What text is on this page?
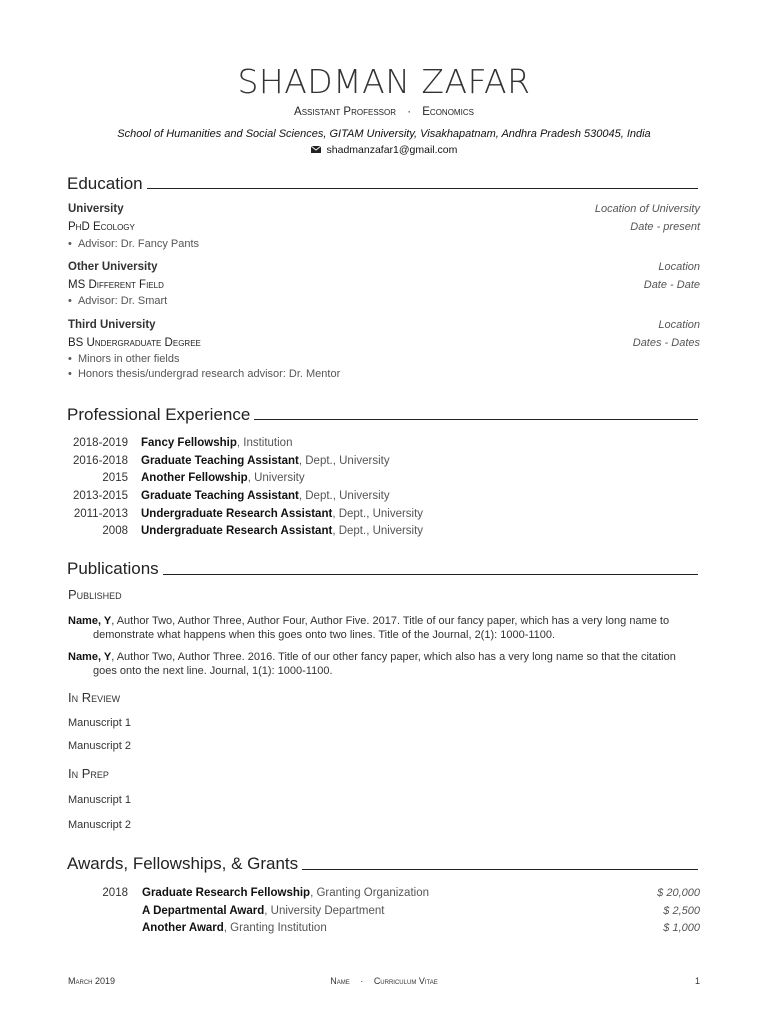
SHADMAN ZAFAR
Assistant Professor · Economics
School of Humanities and Social Sciences, GITAM University, Visakhapatnam, Andhra Pradesh 530045, India
shadmanzafar1@gmail.com
Education
University	Location of University
PhD Ecology	Date - present
•  Advisor: Dr. Fancy Pants
Other University	Location
MS Different Field	Date - Date
•  Advisor: Dr. Smart
Third University	Location
BS Undergraduate Degree	Dates - Dates
•  Minors in other fields
•  Honors thesis/undergrad research advisor: Dr. Mentor
Professional Experience
2018-2019 Fancy Fellowship, Institution
2016-2018 Graduate Teaching Assistant, Dept., University
2015 Another Fellowship, University
2013-2015 Graduate Teaching Assistant, Dept., University
2011-2013 Undergraduate Research Assistant, Dept., University
2008 Undergraduate Research Assistant, Dept., University
Publications
Published
Name, Y, Author Two, Author Three, Author Four, Author Five. 2017. Title of our fancy paper, which has a very long name to demonstrate what happens when this goes onto two lines. Title of the Journal, 2(1): 1000-1100.
Name, Y, Author Two, Author Three. 2016. Title of our other fancy paper, which also has a very long name so that the citation goes onto the next line. Journal, 1(1): 1000-1100.
In Review
Manuscript 1
Manuscript 2
In Prep
Manuscript 1
Manuscript 2
Awards, Fellowships, & Grants
2018 Graduate Research Fellowship, Granting Organization	$ 20,000
A Departmental Award, University Department	$ 2,500
Another Award, Granting Institution	$ 1,000
March 2019	Name · Curriculum Vitae	1
